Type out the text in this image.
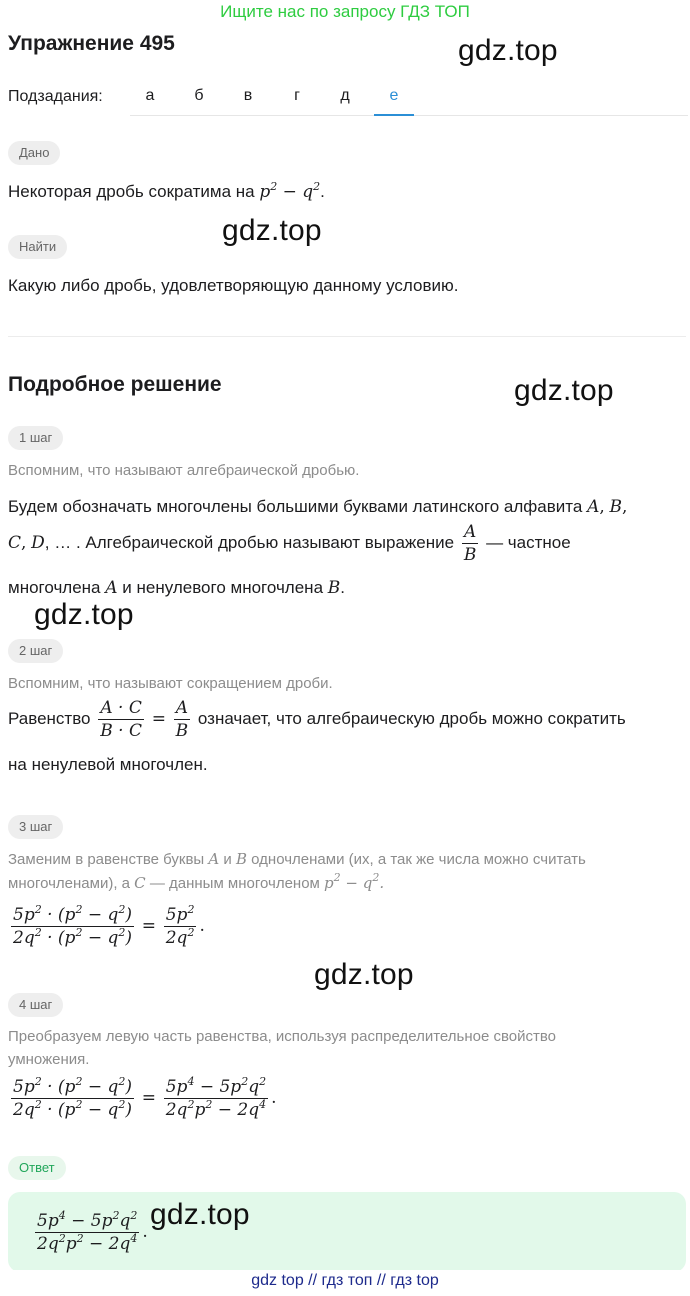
Ищите нас по запросу ГДЗ ТОП
Упражнение 495	gdz.top
Подзадания:	а	б	в	г	д	е
Дано
Некоторая дробь сократима на $p^2 - q^2$.
gdz.top
Найти
Какую либо дробь, удовлетворяющую данному условию.
Подробное решение	gdz.top
1 шаг
Вспомним, что называют алгебраической дробью.
Будем обозначать многочлены большими буквами латинского алфавита A, B,
C, D, … . Алгебраической дробью называют выражение $\frac{A}{B}$ — частное
многочлена A и ненулевого многочлена B.
gdz.top
2 шаг
Вспомним, что называют сокращением дроби.
Равенство $\frac{A \cdot C}{B \cdot C} = \frac{A}{B}$ означает, что алгебраическую дробь можно сократить
на ненулевой многочлен.
3 шаг
Заменим в равенстве буквы A и B одночленами (их, а так же числа можно считать
многочленами), а C — данным многочленом $p^2 - q^2$.
$\frac{5p^2 \cdot (p^2 - q^2)}{2q^2 \cdot (p^2 - q^2)} = \frac{5p^2}{2q^2}$ .
gdz.top
4 шаг
Преобразуем левую часть равенства, используя распределительное свойство
умножения.
$\frac{5p^2 \cdot (p^2 - q^2)}{2q^2 \cdot (p^2 - q^2)} = \frac{5p^4 - 5p^2q^2}{2q^2p^2 - 2q^4}$ .
Ответ
$\frac{5p^4 - 5p^2q^2}{2q^2p^2 - 2q^4}$ .
gdz.top
gdz top // гдз топ // гдз top
